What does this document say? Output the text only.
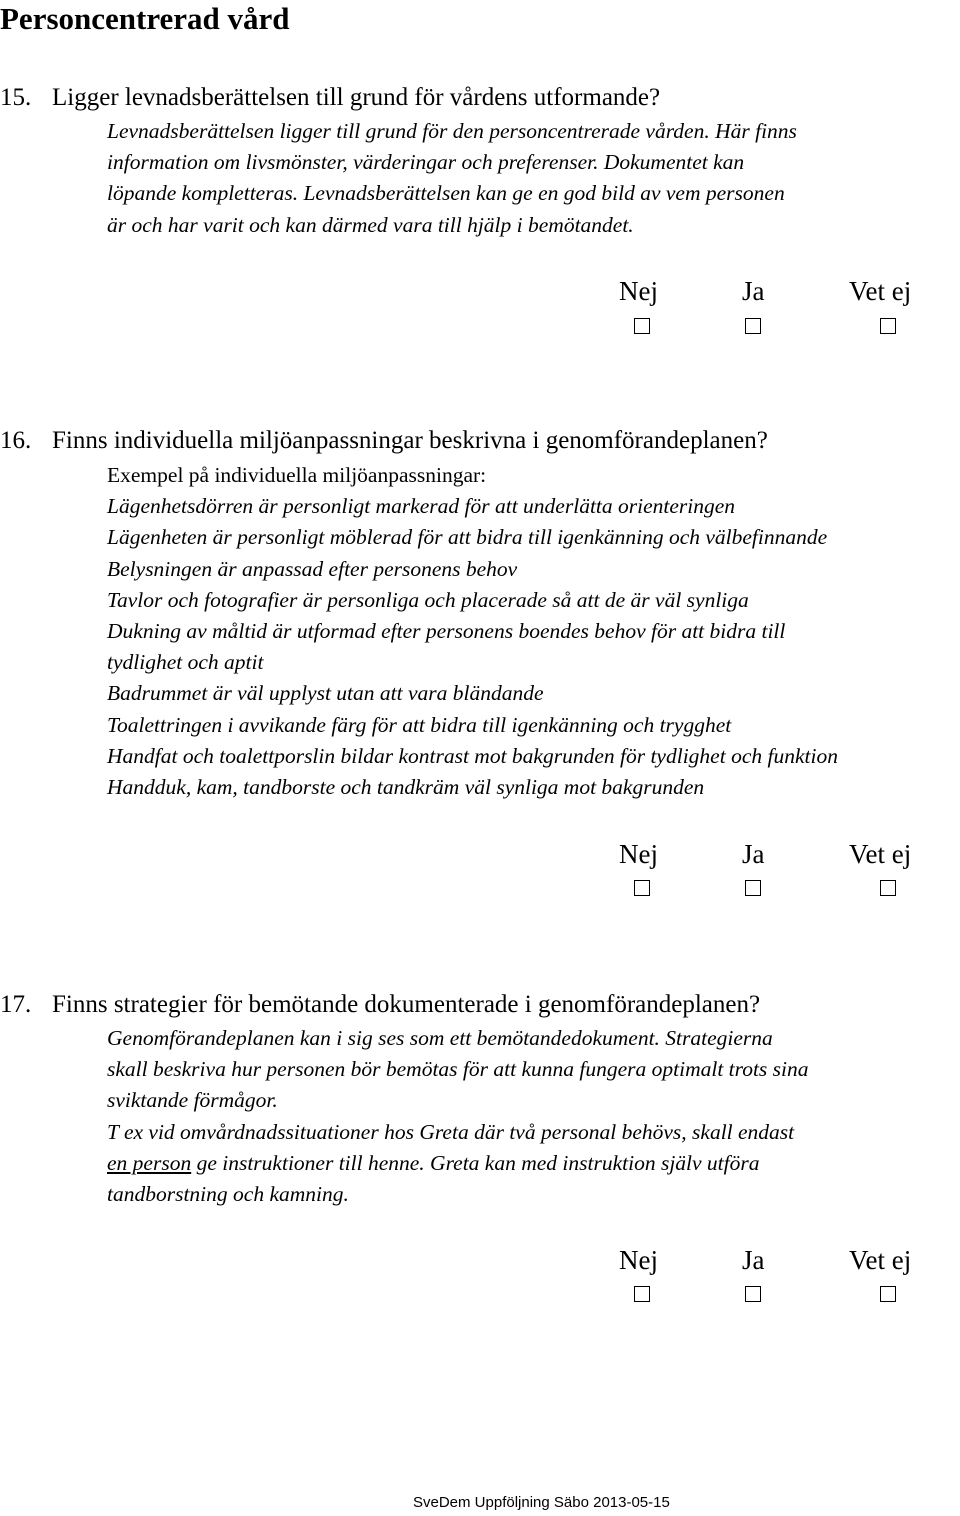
Personcentrerad vård
15. Ligger levnadsberättelsen till grund för vårdens utformande?
Levnadsberättelsen ligger till grund för den personcentrerade vården. Här finns
information om livsmönster, värderingar och preferenser. Dokumentet kan
löpande kompletteras. Levnadsberättelsen kan ge en god bild av vem personen
är och har varit och kan därmed vara till hjälp i bemötandet.
Nej	Ja	Vet ej
16. Finns individuella miljöanpassningar beskrivna i genomförandeplanen?
Exempel på individuella miljöanpassningar:
Lägenhetsdörren är personligt markerad för att underlätta orienteringen
Lägenheten är personligt möblerad för att bidra till igenkänning och välbefinnande
Belysningen är anpassad efter personens behov
Tavlor och fotografier är personliga och placerade så att de är väl synliga
Dukning av måltid är utformad efter personens boendes behov för att bidra till
tydlighet och aptit
Badrummet är väl upplyst utan att vara bländande
Toalettringen i avvikande färg för att bidra till igenkänning och trygghet
Handfat och toalettporslin bildar kontrast mot bakgrunden för tydlighet och funktion
Handduk, kam, tandborste och tandkräm väl synliga mot bakgrunden
Nej	Ja	Vet ej
17. Finns strategier för bemötande dokumenterade i genomförandeplanen?
Genomförandeplanen kan i sig ses som ett bemötandedokument. Strategierna
skall beskriva hur personen bör bemötas för att kunna fungera optimalt trots sina
sviktande förmågor.
T ex vid omvårdnadssituationer hos Greta där två personal behövs, skall endast
en person ge instruktioner till henne. Greta kan med instruktion själv utföra
tandborstning och kamning.
Nej	Ja	Vet ej
SveDem Uppföljning Säbo 2013-05-15
